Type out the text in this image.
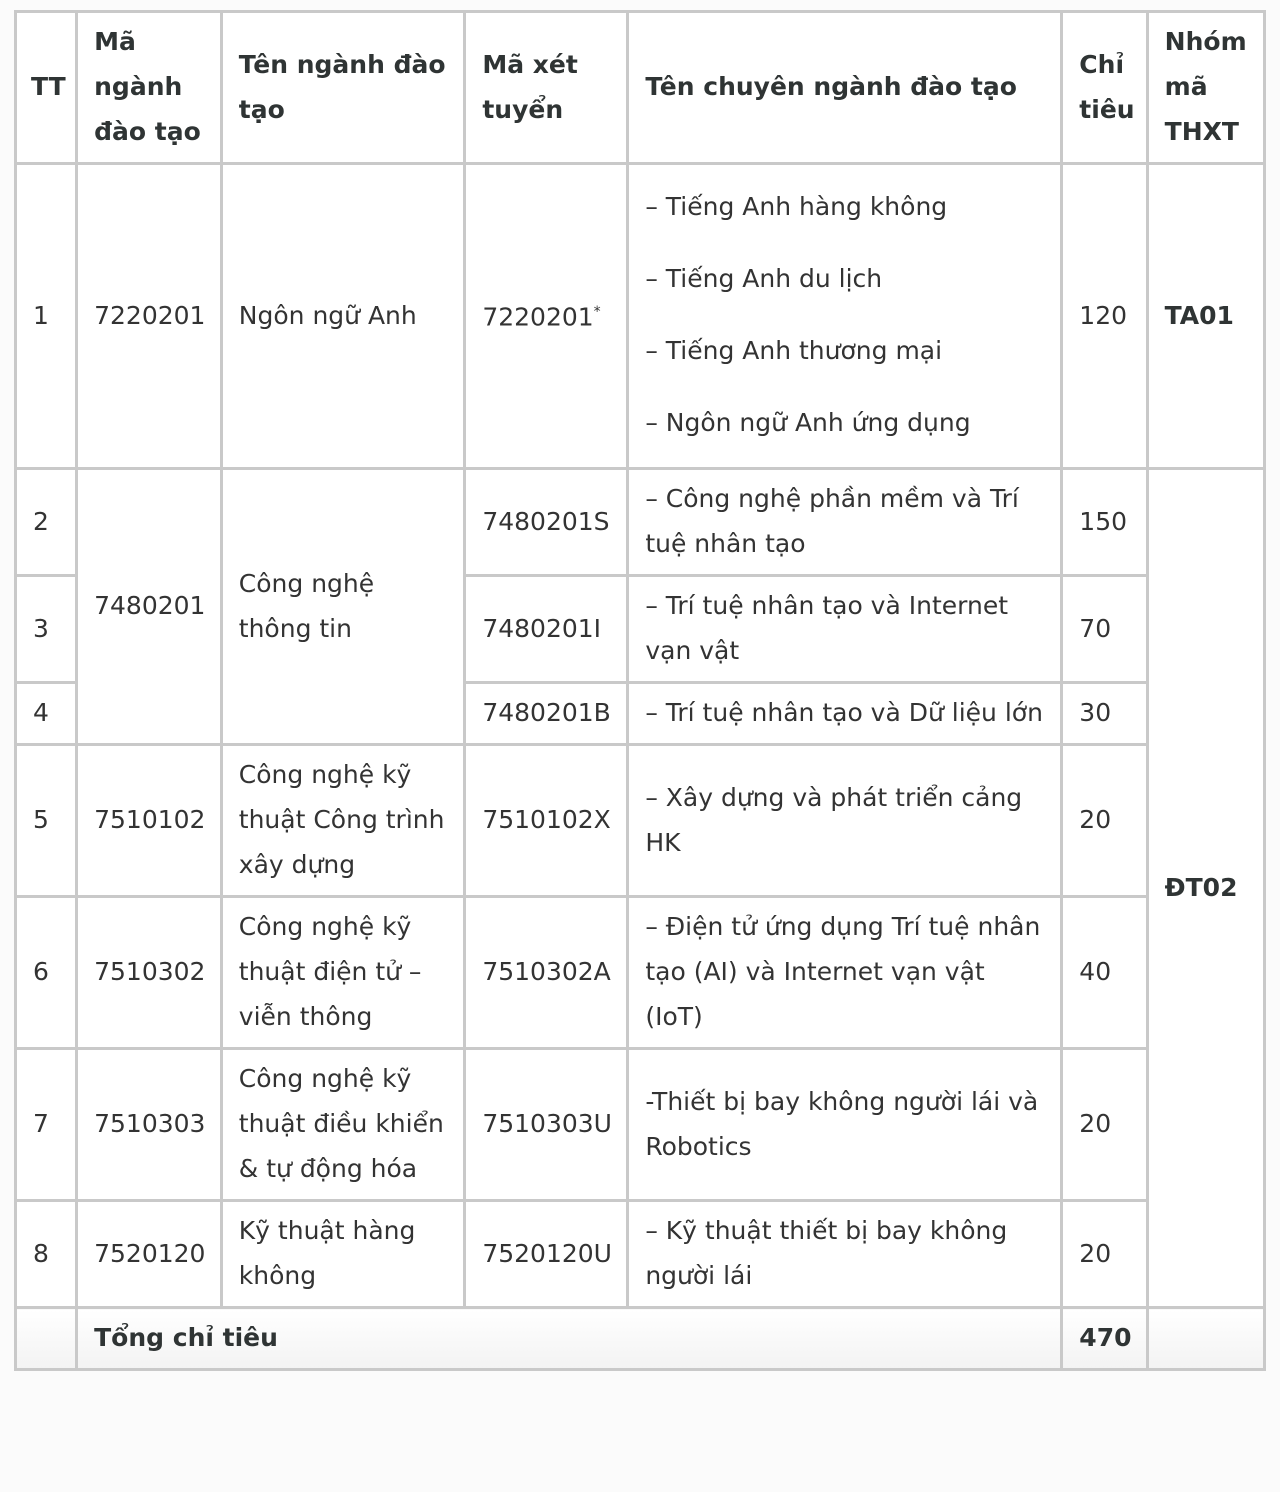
TT	Mã ngành đào tạo	Tên ngành đào tạo	Mã xét tuyển	Tên chuyên ngành đào tạo	Chỉ tiêu	Nhóm mã THXT
1	7220201	Ngôn ngữ Anh	7220201*	– Tiếng Anh hàng không
– Tiếng Anh du lịch
– Tiếng Anh thương mại
– Ngôn ngữ Anh ứng dụng	120	TA01
2	7480201	Công nghệ thông tin	7480201S	– Công nghệ phần mềm và Trí tuệ nhân tạo	150	ĐT02
3			7480201I	– Trí tuệ nhân tạo và Internet vạn vật	70	
4			7480201B	– Trí tuệ nhân tạo và Dữ liệu lớn	30	
5	7510102	Công nghệ kỹ thuật Công trình xây dựng	7510102X	– Xây dựng và phát triển cảng HK	20	
6	7510302	Công nghệ kỹ thuật điện tử – viễn thông	7510302A	– Điện tử ứng dụng Trí tuệ nhân tạo (AI) và Internet vạn vật (IoT)	40	
7	7510303	Công nghệ kỹ thuật điều khiển & tự động hóa	7510303U	-Thiết bị bay không người lái và Robotics	20	
8	7520120	Kỹ thuật hàng không	7520120U	– Kỹ thuật thiết bị bay không người lái	20	
	Tổng chỉ tiêu				470	
